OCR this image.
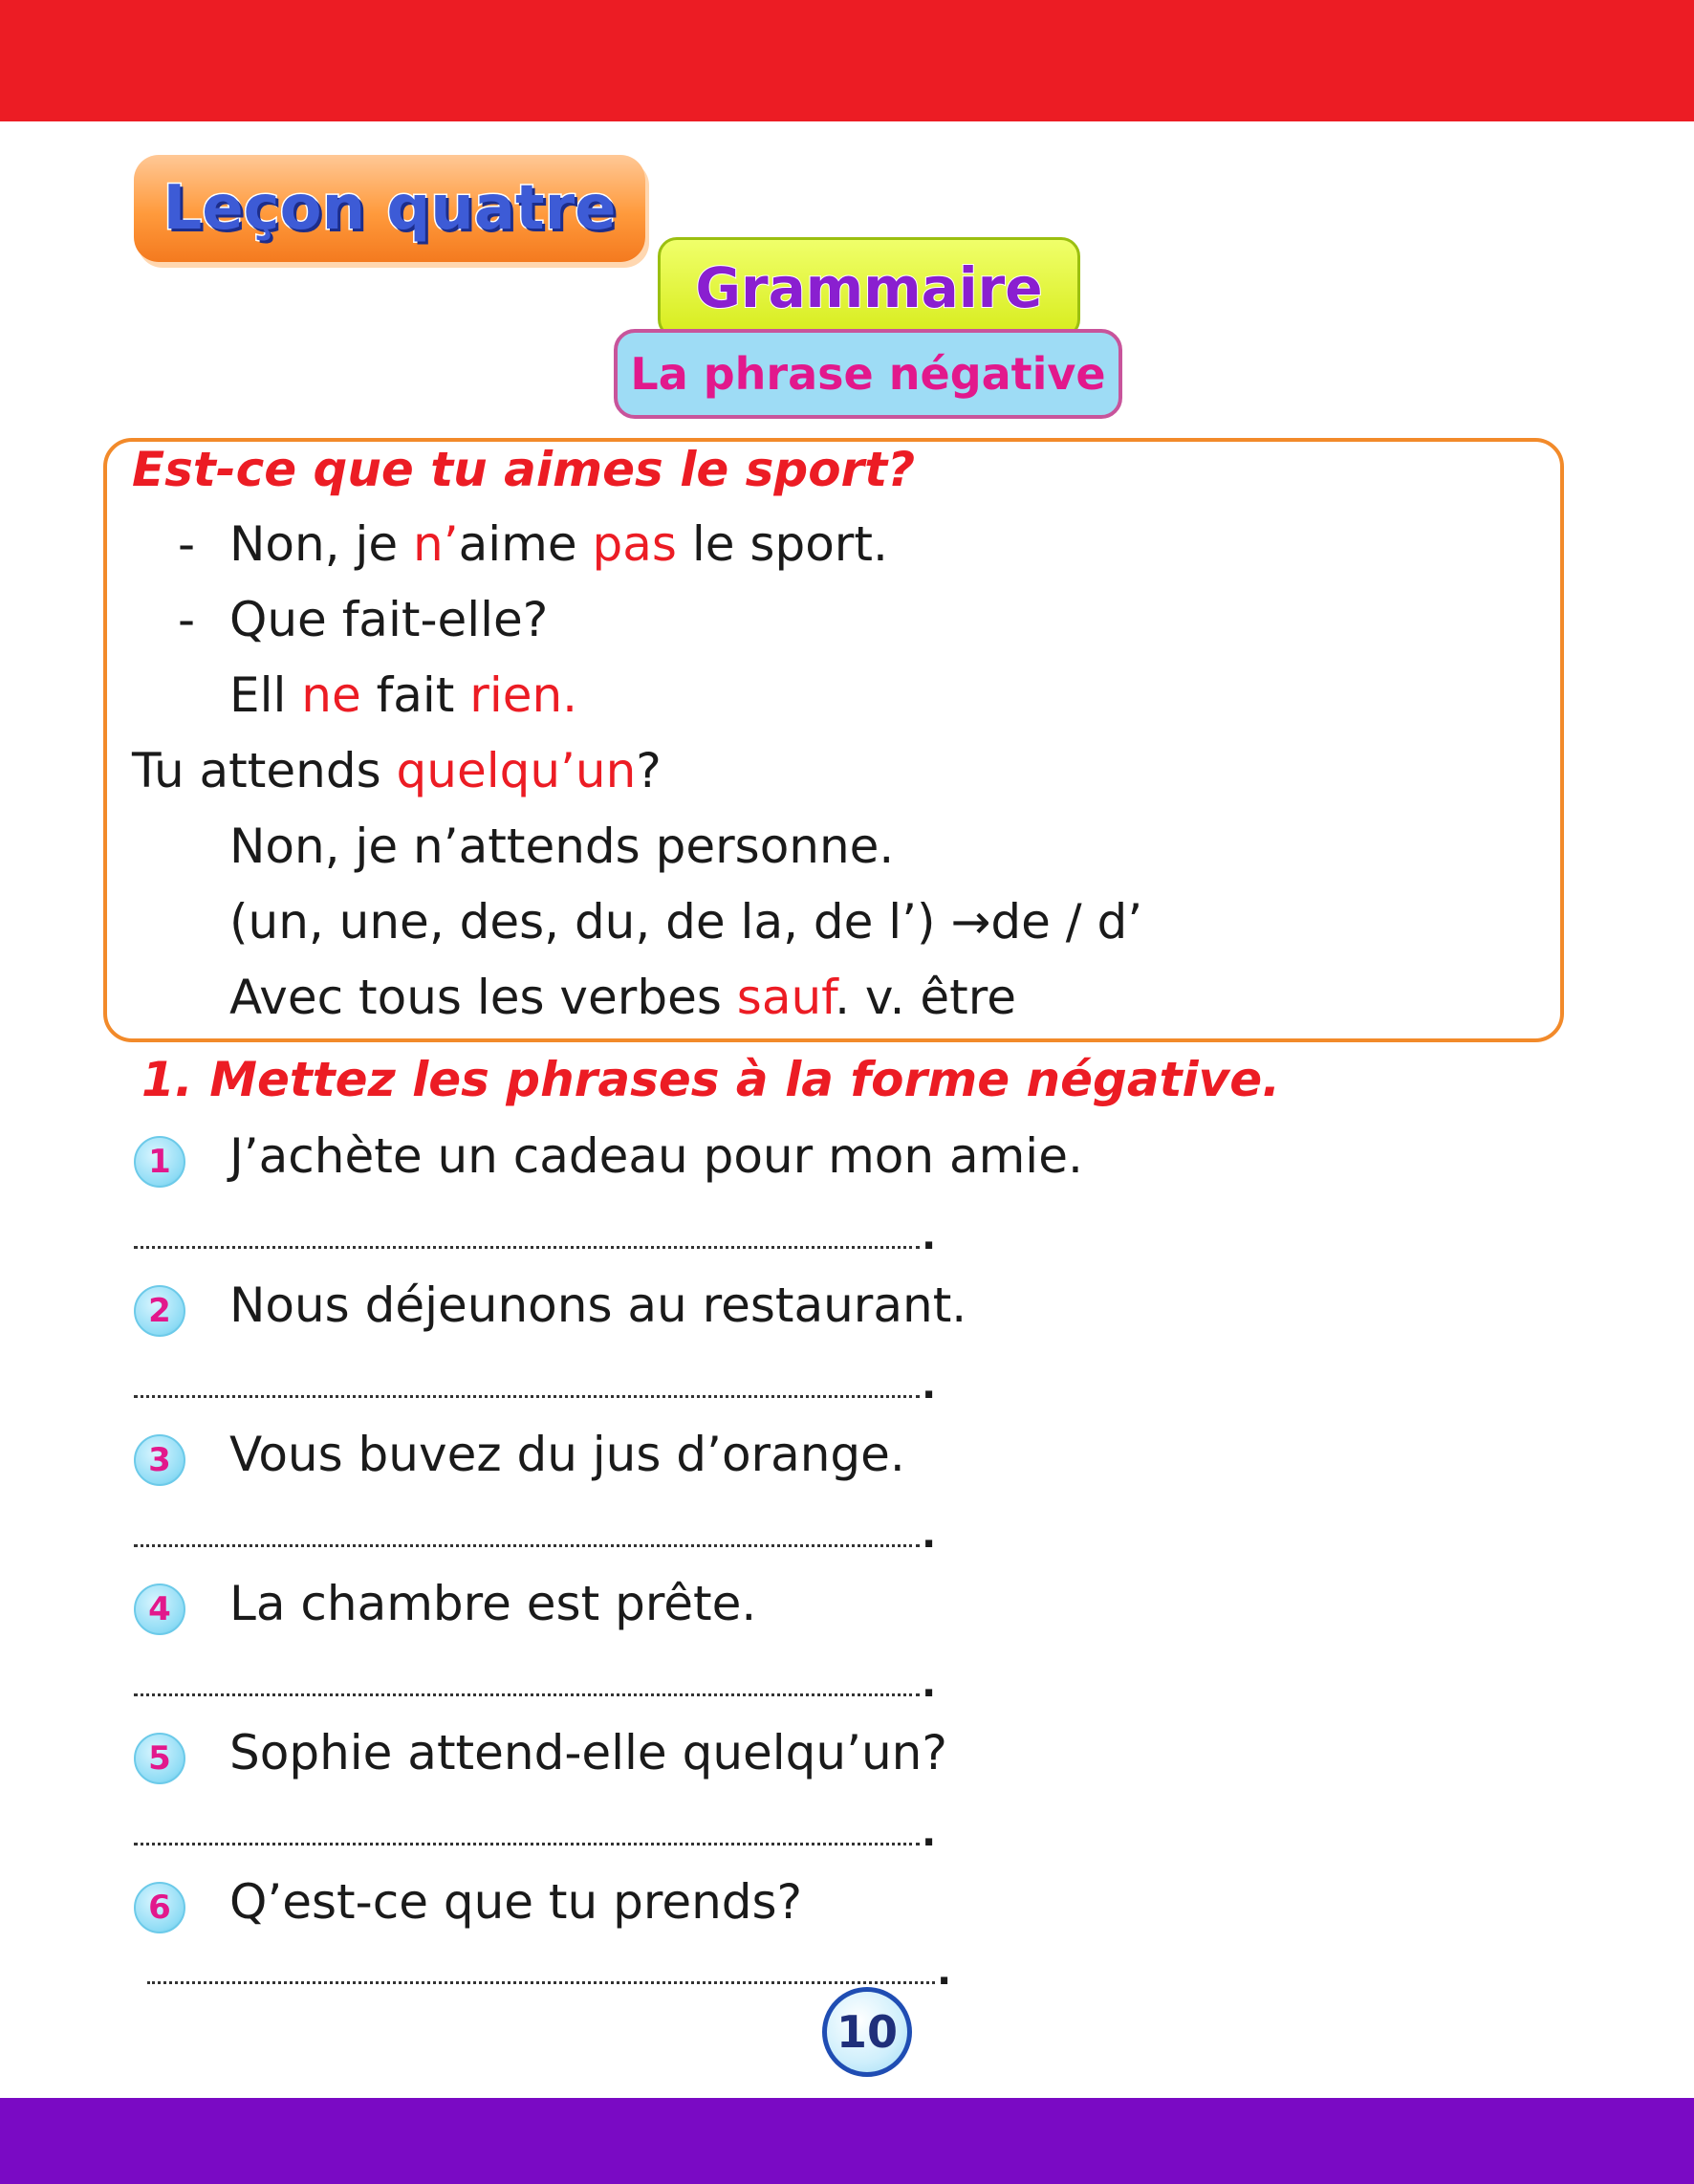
Leçon quatre
Grammaire
La phrase négative
Est-ce que tu aimes le sport?
- Non, je n’aime pas le sport.
- Que fait-elle?
Ell ne fait rien.
Tu attends quelqu’un?
Non, je n’attends personne.
(un, une, des, du, de la, de l’) →de / d’
Avec tous les verbes sauf. v. être
1. Mettez les phrases à la forme négative.
1	J’achète un cadeau pour mon amie.
.
2	Nous déjeunons au restaurant.
.
3	Vous buvez du jus d’orange.
.
4	La chambre est prête.
.
5	Sophie attend-elle quelqu’un?
.
6	Q’est-ce que tu prends?
.
10
